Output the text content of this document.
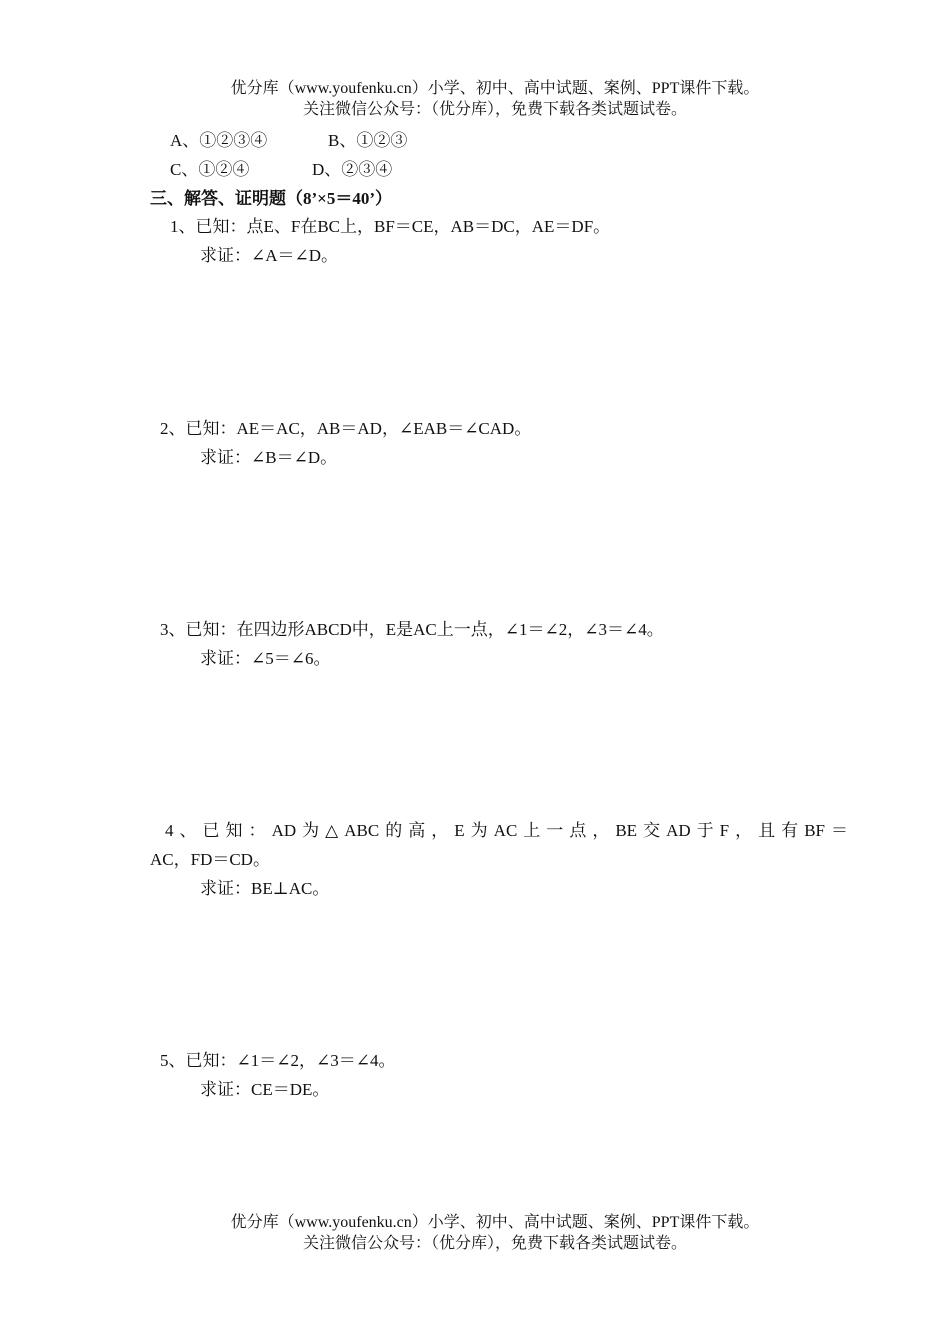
优分库（www.youfenku.cn）小学、初中、高中试题、案例、PPT课件下载。
关注微信公众号：（优分库），免费下载各类试题试卷。
A、①②③④	B、①②③
C、①②④	D、②③④
三、解答、证明题（8’×5＝40’）
1、已知：点E、F在BC上，BF＝CE，AB＝DC，AE＝DF。
求证：∠A＝∠D。
2、已知：AE＝AC，AB＝AD，∠EAB＝∠CAD。
求证：∠B＝∠D。
3、已知：在四边形ABCD中，E是AC上一点，∠1＝∠2，∠3＝∠4。
求证：∠5＝∠6。
4、已知：AD为△ABC的高，E为AC上一点，BE交AD于F，且有BF＝
AC，FD＝CD。
求证：BE⊥AC。
5、已知：∠1＝∠2，∠3＝∠4。
求证：CE＝DE。
优分库（www.youfenku.cn）小学、初中、高中试题、案例、PPT课件下载。
关注微信公众号：（优分库），免费下载各类试题试卷。
